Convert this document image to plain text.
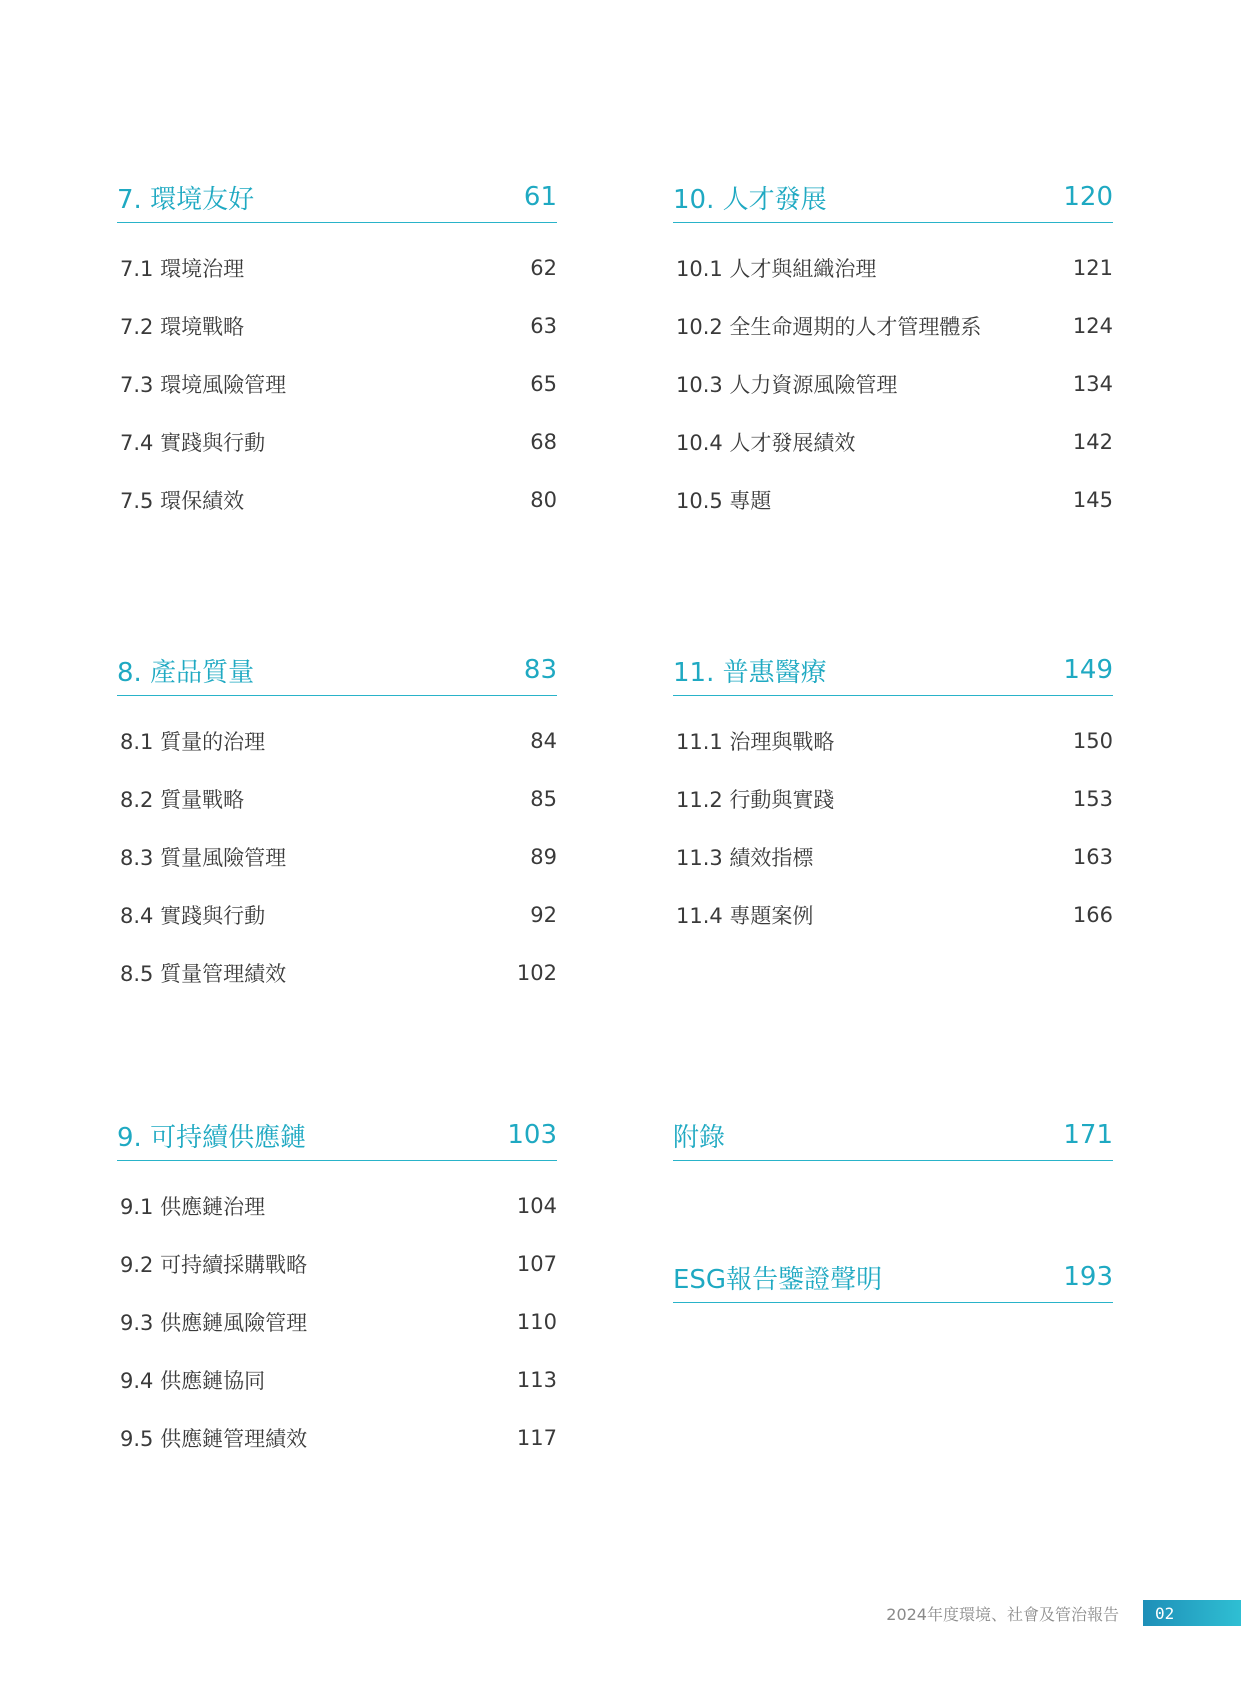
7. 環境友好	61
7.1 環境治理	62
7.2 環境戰略	63
7.3 環境風險管理	65
7.4 實踐與行動	68
7.5 環保績效	80
10. 人才發展	120
10.1 人才與組織治理	121
10.2 全生命週期的人才管理體系	124
10.3 人力資源風險管理	134
10.4 人才發展績效	142
10.5 專題	145
8. 產品質量	83
8.1 質量的治理	84
8.2 質量戰略	85
8.3 質量風險管理	89
8.4 實踐與行動	92
8.5 質量管理績效	102
11. 普惠醫療	149
11.1 治理與戰略	150
11.2 行動與實踐	153
11.3 績效指標	163
11.4 專題案例	166
9. 可持續供應鏈	103
9.1 供應鏈治理	104
9.2 可持續採購戰略	107
9.3 供應鏈風險管理	110
9.4 供應鏈協同	113
9.5 供應鏈管理績效	117
附錄	171
ESG報告鑒證聲明	193
2024年度環境、社會及管治報告	02
